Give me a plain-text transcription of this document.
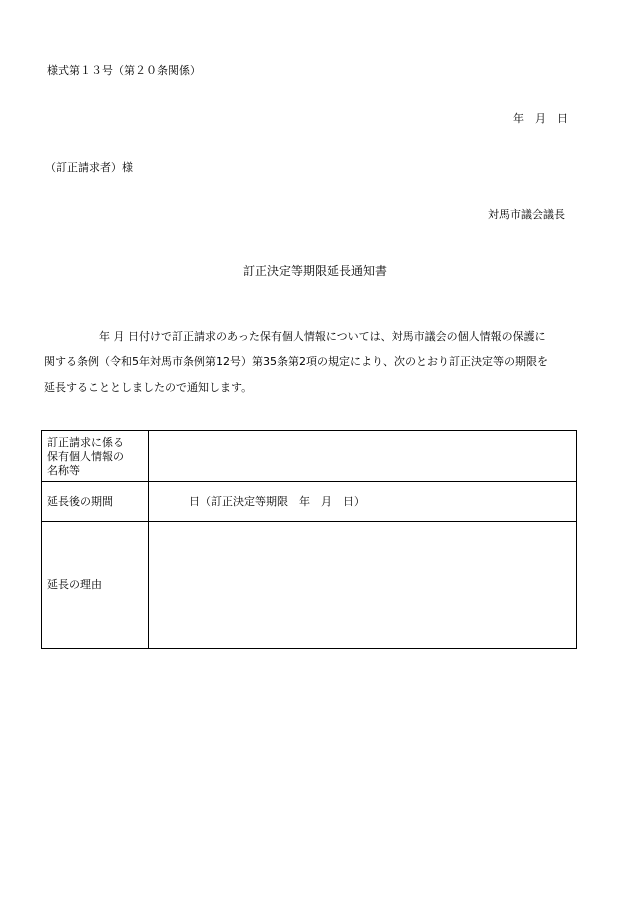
様式第１３号（第２０条関係）
年　月　日
（訂正請求者）様
対馬市議会議長
訂正決定等期限延長通知書
　　　　　年 月 日付けで訂正請求のあった保有個人情報については、対馬市議会の個人情報の保護に
関する条例（令和5年対馬市条例第12号）第35条第2項の規定により、次のとおり訂正決定等の期限を
延長することとしましたので通知します。
訂正請求に係る
保有個人情報の
名称等	

延長後の期間	日（訂正決定等期限　年　月　日）
延長の理由	
